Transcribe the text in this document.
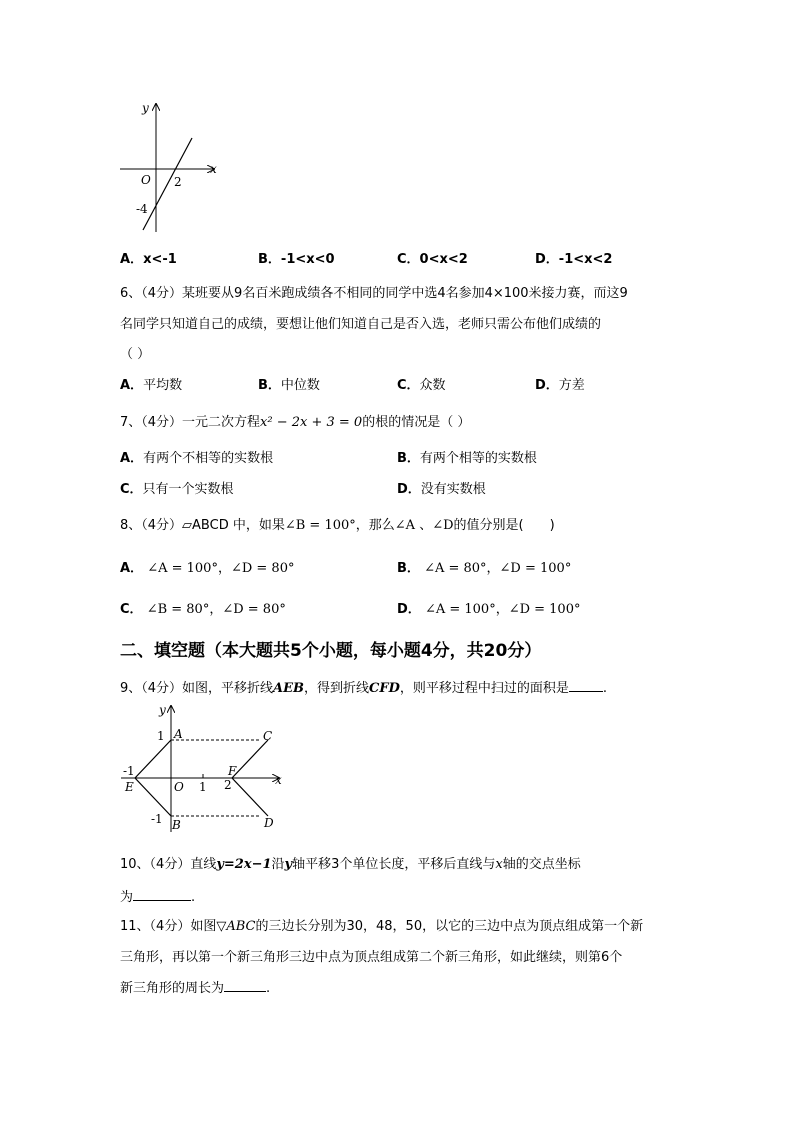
y
x
O 2
-4
A．x<-1	B．-1<x<0	C．0<x<2	D．-1<x<2
6、（4分）某班要从9名百米跑成绩各不相同的同学中选4名参加4×100米接力赛，而这9
名同学只知道自己的成绩，要想让他们知道自己是否入选，老师只需公布他们成绩的
（ ）
A．平均数	B．中位数	C．众数	D．方差
7、（4分）一元二次方程x² − 2x + 3 = 0的根的情况是（ ）
A．有两个不相等的实数根	B．有两个相等的实数根
C．只有一个实数根	D．没有实数根
8、（4分）▱ABCD 中，如果∠B = 100°，那么∠A 、∠D的值分别是(　　)
A． ∠A = 100°，∠D = 80°	B． ∠A = 80°，∠D = 100°
C． ∠B = 80°，∠D = 80°	D． ∠A = 100°，∠D = 100°
二、填空题（本大题共5个小题，每小题4分，共20分）
9、（4分）如图，平移折线AEB，得到折线CFD，则平移过程中扫过的面积是	.
y
x
A	C
E
F
B	D
O 1 2
-1
1
-1
10、（4分）直线y=2x−1沿y轴平移3个单位长度，平移后直线与x轴的交点坐标
为	.
11、（4分）如图▽ABC的三边长分别为30，48，50，以它的三边中点为顶点组成第一个新
三角形，再以第一个新三角形三边中点为顶点组成第二个新三角形，如此继续，则第6个
新三角形的周长为	.
